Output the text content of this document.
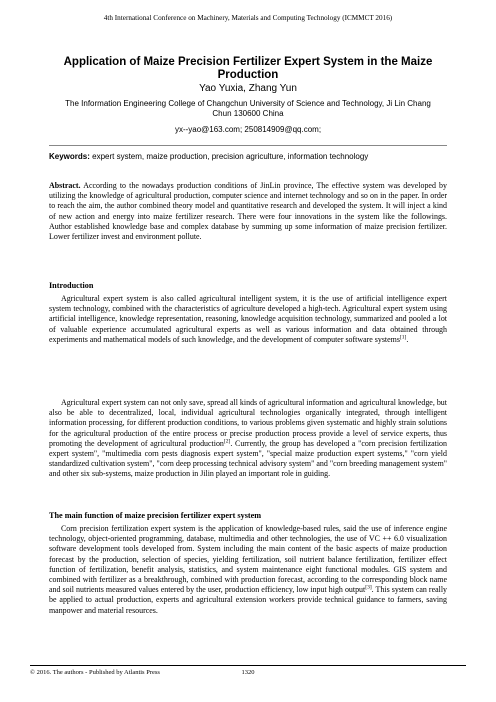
4th International Conference on Machinery, Materials and Computing Technology (ICMMCT 2016)
Application of Maize Precision Fertilizer Expert System in the Maize Production
Yao Yuxia, Zhang Yun
The Information Engineering College of Changchun University of Science and Technology, Ji Lin Chang Chun 130600 China
yx--yao@163.com; 250814909@qq.com;
Keywords: expert system, maize production, precision agriculture, information technology

Abstract. According to the nowadays production conditions of JinLin province, The effective system was developed by utilizing the knowledge of agricultural production, computer science and internet technology and so on in the paper. In order to reach the aim, the author combined theory model and quantitative research and developed the system. It will inject a kind of new action and energy into maize fertilizer research. There were four innovations in the system like the followings. Author established knowledge base and complex database by summing up some information of maize precision fertilizer. Lower fertilizer invest and environment pollute.

Introduction

Agricultural expert system is also called agricultural intelligent system, it is the use of artificial intelligence expert system technology, combined with the characteristics of agriculture developed a high-tech. Agricultural expert system using artificial intelligence, knowledge representation, reasoning, knowledge acquisition technology, summarized and pooled a lot of valuable experience accumulated agricultural experts as well as various information and data obtained through experiments and mathematical models of such knowledge, and the development of computer software systems[1].

Agricultural expert system can not only save, spread all kinds of agricultural information and agricultural knowledge, but also be able to decentralized, local, individual agricultural technologies organically integrated, through intelligent information processing, for different production conditions, to various problems given systematic and highly strain solutions for the agricultural production of the entire process or precise production process provide a level of service experts, thus promoting the development of agricultural production[2]. Currently, the group has developed a "corn precision fertilization expert system", "multimedia corn pests diagnosis expert system", "special maize production expert systems," "corn yield standardized cultivation system", "corn deep processing technical advisory system" and "corn breeding management system" and other six sub-systems, maize production in Jilin played an important role in guiding.

The main function of maize precision fertilizer expert system

Corn precision fertilization expert system is the application of knowledge-based rules, said the use of inference engine technology, object-oriented programming, database, multimedia and other technologies, the use of VC ++ 6.0 visualization software development tools developed from. System including the main content of the basic aspects of maize production forecast by the production, selection of species, yielding fertilization, soil nutrient balance fertilization, fertilizer effect function of fertilization, benefit analysis, statistics, and system maintenance eight functional modules. GIS system and combined with fertilizer as a breakthrough, combined with production forecast, according to the corresponding block name and soil nutrients measured values entered by the user, production efficiency, low input high output[3]. This system can really be applied to actual production, experts and agricultural extension workers provide technical guidance to farmers, saving manpower and material resources.

© 2016. The authors - Published by Atlantis Press	1320
